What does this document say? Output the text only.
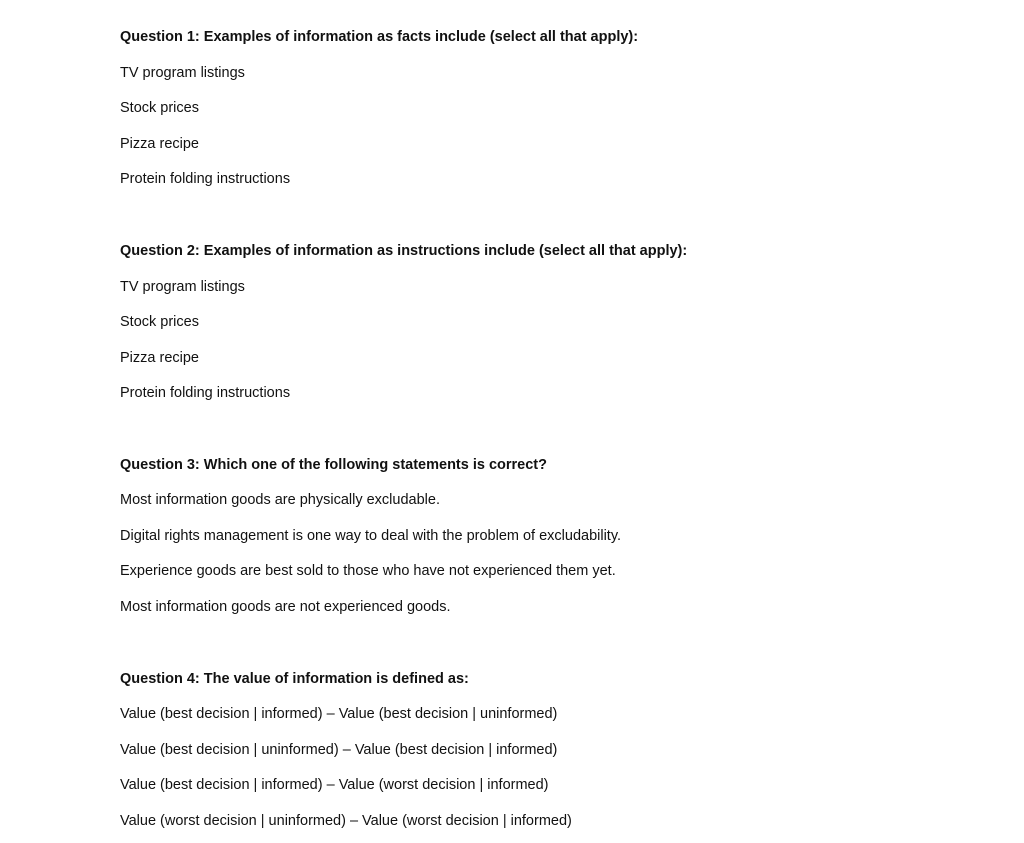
Question 1: Examples of information as facts include (select all that apply):
TV program listings
Stock prices
Pizza recipe
Protein folding instructions
Question 2: Examples of information as instructions include (select all that apply):
TV program listings
Stock prices
Pizza recipe
Protein folding instructions
Question 3: Which one of the following statements is correct?
Most information goods are physically excludable.
Digital rights management is one way to deal with the problem of excludability.
Experience goods are best sold to those who have not experienced them yet.
Most information goods are not experienced goods.
Question 4: The value of information is defined as:
Value (best decision | informed) – Value (best decision | uninformed)
Value (best decision | uninformed) – Value (best decision | informed)
Value (best decision | informed) – Value (worst decision | informed)
Value (worst decision | uninformed) – Value (worst decision | informed)
